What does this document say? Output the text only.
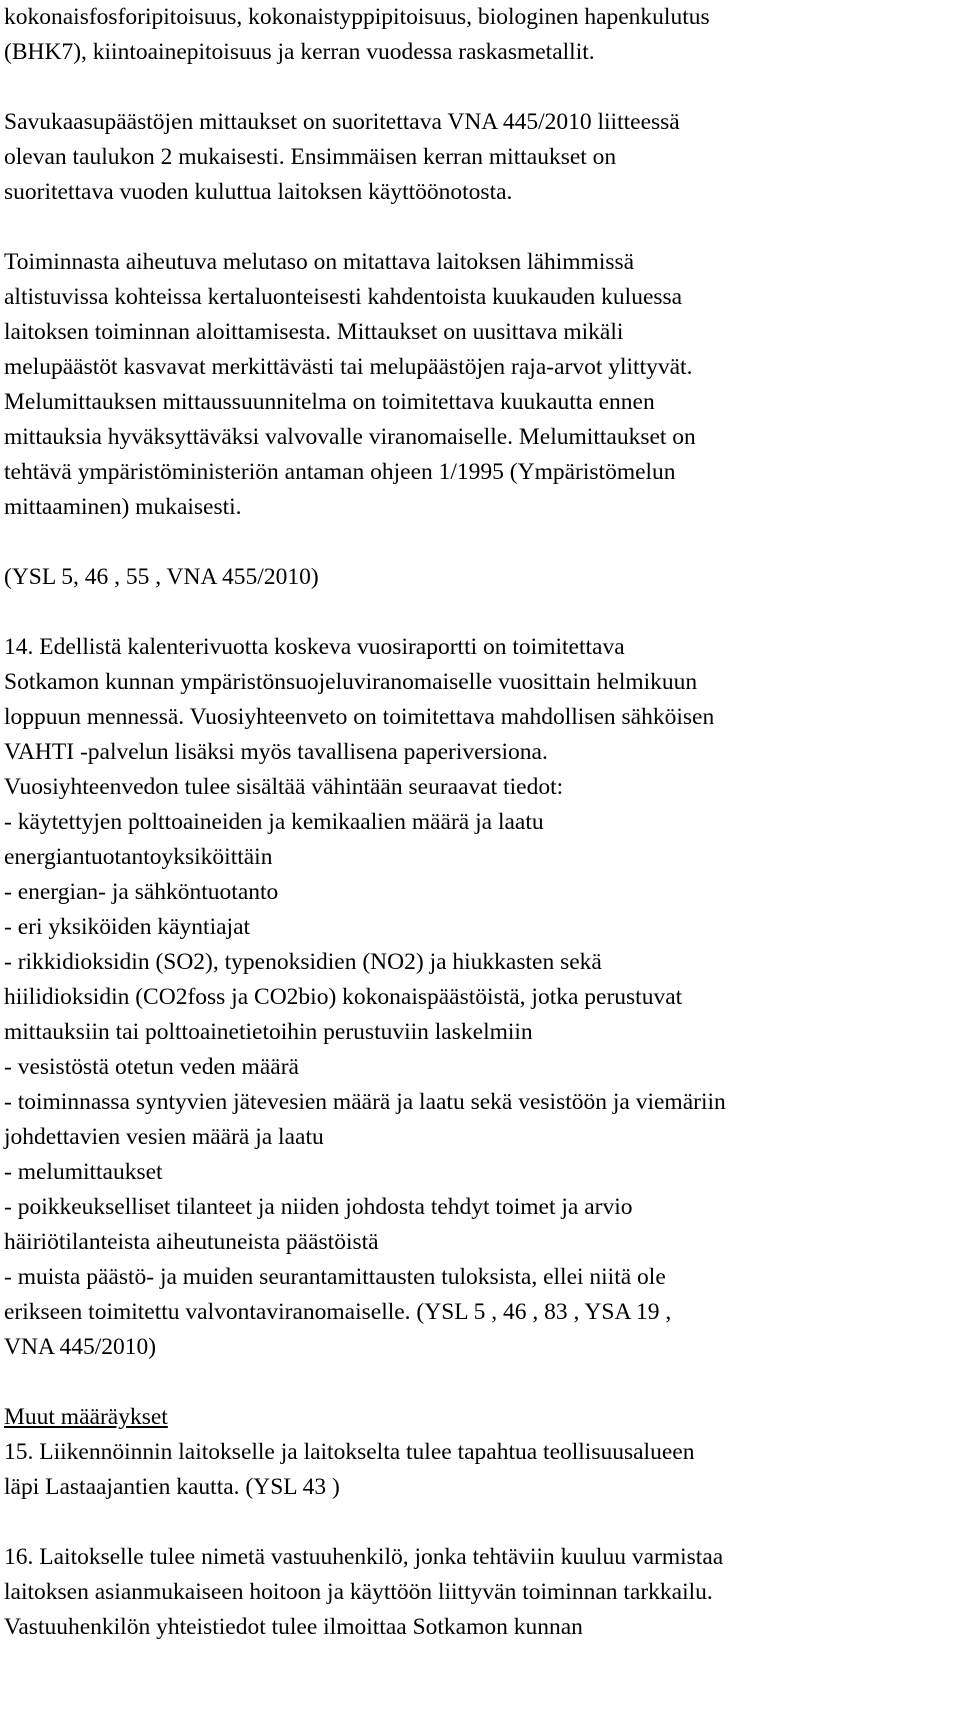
kokonaisfosforipitoisuus, kokonaistyppipitoisuus, biologinen hapenkulutus
(BHK7), kiintoainepitoisuus ja kerran vuodessa raskasmetallit.
Savukaasupäästöjen mittaukset on suoritettava VNA 445/2010 liitteessä
olevan taulukon 2 mukaisesti. Ensimmäisen kerran mittaukset on
suoritettava vuoden kuluttua laitoksen käyttöönotosta.
Toiminnasta aiheutuva melutaso on mitattava laitoksen lähimmissä
altistuvissa kohteissa kertaluonteisesti kahdentoista kuukauden kuluessa
laitoksen toiminnan aloittamisesta. Mittaukset on uusittava mikäli
melupäästöt kasvavat merkittävästi tai melupäästöjen raja-arvot ylittyvät.
Melumittauksen mittaussuunnitelma on toimitettava kuukautta ennen
mittauksia hyväksyttäväksi valvovalle viranomaiselle. Melumittaukset on
tehtävä ympäristöministeriön antaman ohjeen 1/1995 (Ympäristömelun
mittaaminen) mukaisesti.
(YSL 5, 46 , 55 , VNA 455/2010)
14. Edellistä kalenterivuotta koskeva vuosiraportti on toimitettava
Sotkamon kunnan ympäristönsuojeluviranomaiselle vuosittain helmikuun
loppuun mennessä. Vuosiyhteenveto on toimitettava mahdollisen sähköisen
VAHTI -palvelun lisäksi myös tavallisena paperiversiona.
Vuosiyhteenvedon tulee sisältää vähintään seuraavat tiedot:
- käytettyjen polttoaineiden ja kemikaalien määrä ja laatu
energiantuotantoyksiköittäin
- energian- ja sähköntuotanto
- eri yksiköiden käyntiajat
- rikkidioksidin (SO2), typenoksidien (NO2) ja hiukkasten sekä
hiilidioksidin (CO2foss ja CO2bio) kokonaispäästöistä, jotka perustuvat
mittauksiin tai polttoainetietoihin perustuviin laskelmiin
- vesistöstä otetun veden määrä
- toiminnassa syntyvien jätevesien määrä ja laatu sekä vesistöön ja viemäriin
johdettavien vesien määrä ja laatu
- melumittaukset
- poikkeukselliset tilanteet ja niiden johdosta tehdyt toimet ja arvio
häiriötilanteista aiheutuneista päästöistä
- muista päästö- ja muiden seurantamittausten tuloksista, ellei niitä ole
erikseen toimitettu valvontaviranomaiselle. (YSL 5 , 46 , 83 , YSA 19 ,
VNA 445/2010)
Muut määräykset
15. Liikennöinnin laitokselle ja laitokselta tulee tapahtua teollisuusalueen
läpi Lastaajantien kautta. (YSL 43 )
16. Laitokselle tulee nimetä vastuuhenkilö, jonka tehtäviin kuuluu varmistaa
laitoksen asianmukaiseen hoitoon ja käyttöön liittyvän toiminnan tarkkailu.
Vastuuhenkilön yhteistiedot tulee ilmoittaa Sotkamon kunnan
